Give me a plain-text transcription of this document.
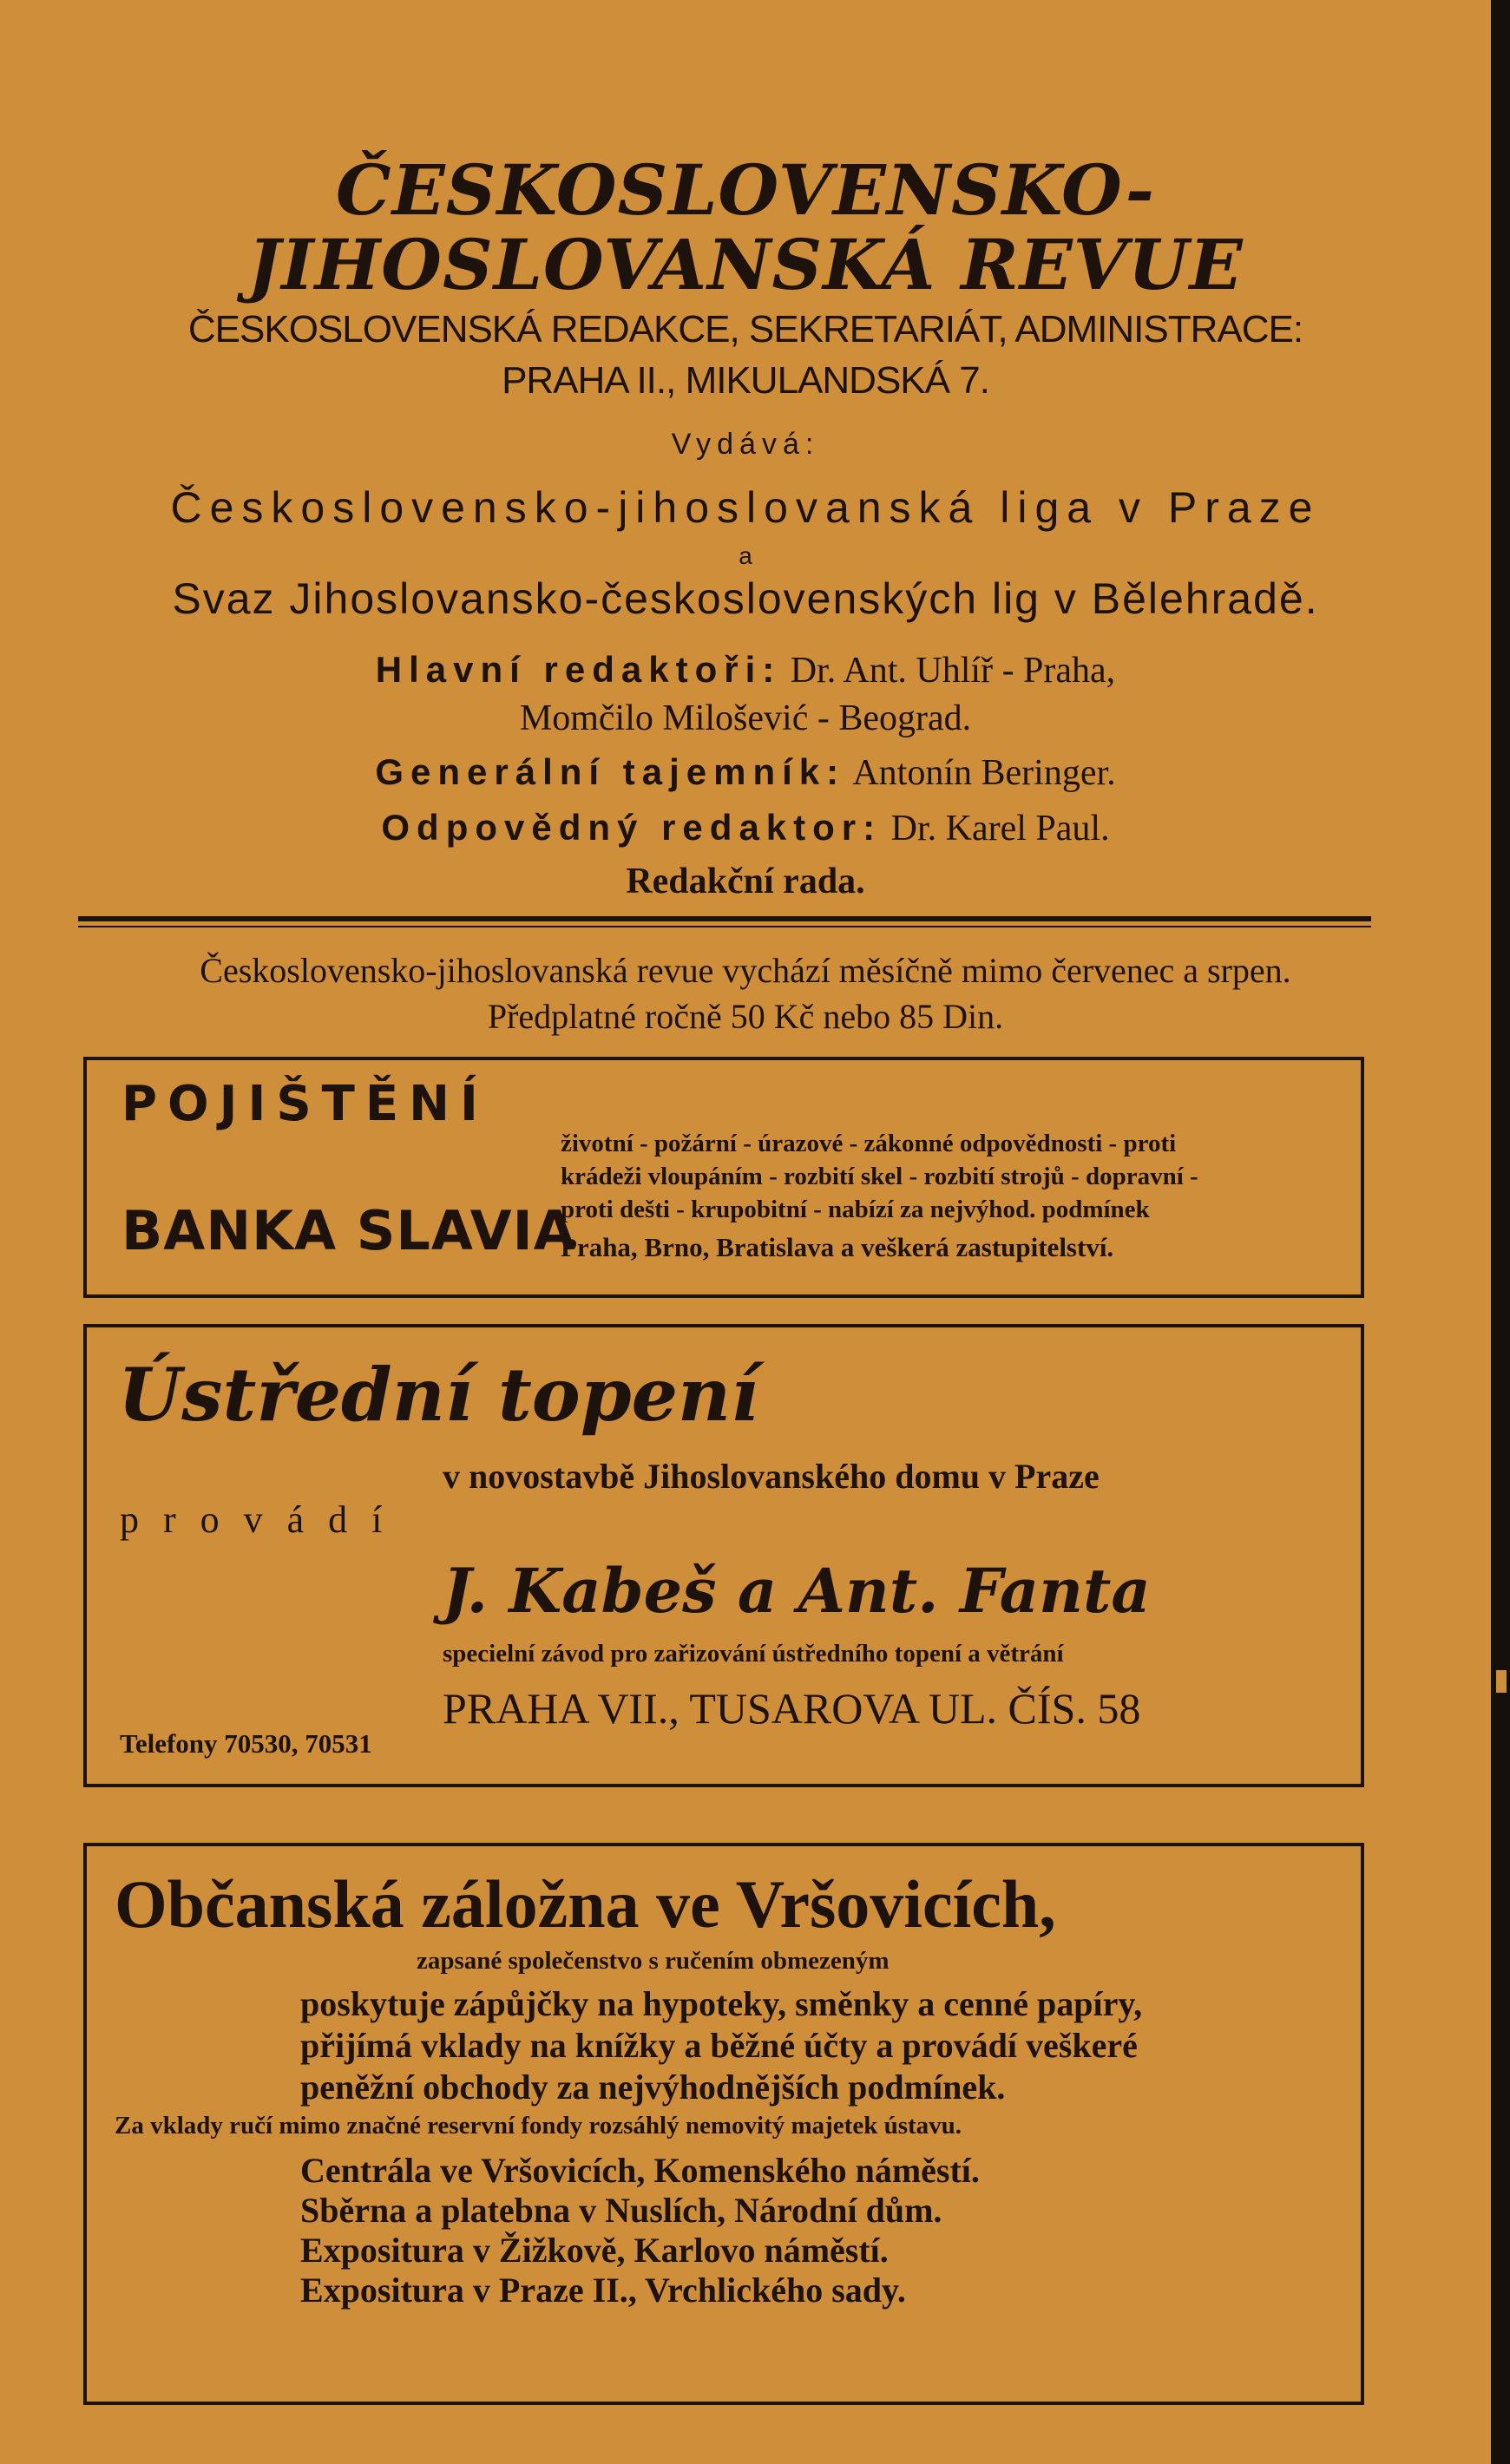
ČESKOSLOVENSKO-
JIHOSLOVANSKÁ REVUE
ČESKOSLOVENSKÁ REDAKCE, SEKRETARIÁT, ADMINISTRACE:
PRAHA II., MIKULANDSKÁ 7.
Vydává:
Československo-jihoslovanská liga v Praze
a
Svaz Jihoslovansko-československých lig v Bělehradě.
Hlavní redaktoři: Dr. Ant. Uhlíř - Praha,
Momčilo Milošević - Beograd.
Generální tajemník: Antonín Beringer.
Odpovědný redaktor: Dr. Karel Paul.
Redakční rada.
Československo-jihoslovanská revue vychází měsíčně mimo červenec a srpen.
Předplatné ročně 50 Kč nebo 85 Din.
POJIŠTĚNÍ
BANKA SLAVIA
životní - požární - úrazové - zákonné odpovědnosti - proti
krádeži vloupáním - rozbití skel - rozbití strojů - dopravní -
proti dešti - krupobitní - nabízí za nejvýhod. podmínek
Praha, Brno, Bratislava a veškerá zastupitelství.
Ústřední topení
v novostavbě Jihoslovanského domu v Praze
provádí
J. Kabeš a Ant. Fanta
specielní závod pro zařizování ústředního topení a větrání
PRAHA VII., TUSAROVA UL. ČÍS. 58
Telefony 70530, 70531
Občanská záložna ve Vršovicích,
zapsané společenstvo s ručením obmezeným
poskytuje zápůjčky na hypoteky, směnky a cenné papíry,
přijímá vklady na knížky a běžné účty a provádí veškeré
peněžní obchody za nejvýhodnějších podmínek.
Za vklady ručí mimo značné reservní fondy rozsáhlý nemovitý majetek ústavu.
Centrála ve Vršovicích, Komenského náměstí.
Sběrna a platebna v Nuslích, Národní dům.
Expositura v Žižkově, Karlovo náměstí.
Expositura v Praze II., Vrchlického sady.
